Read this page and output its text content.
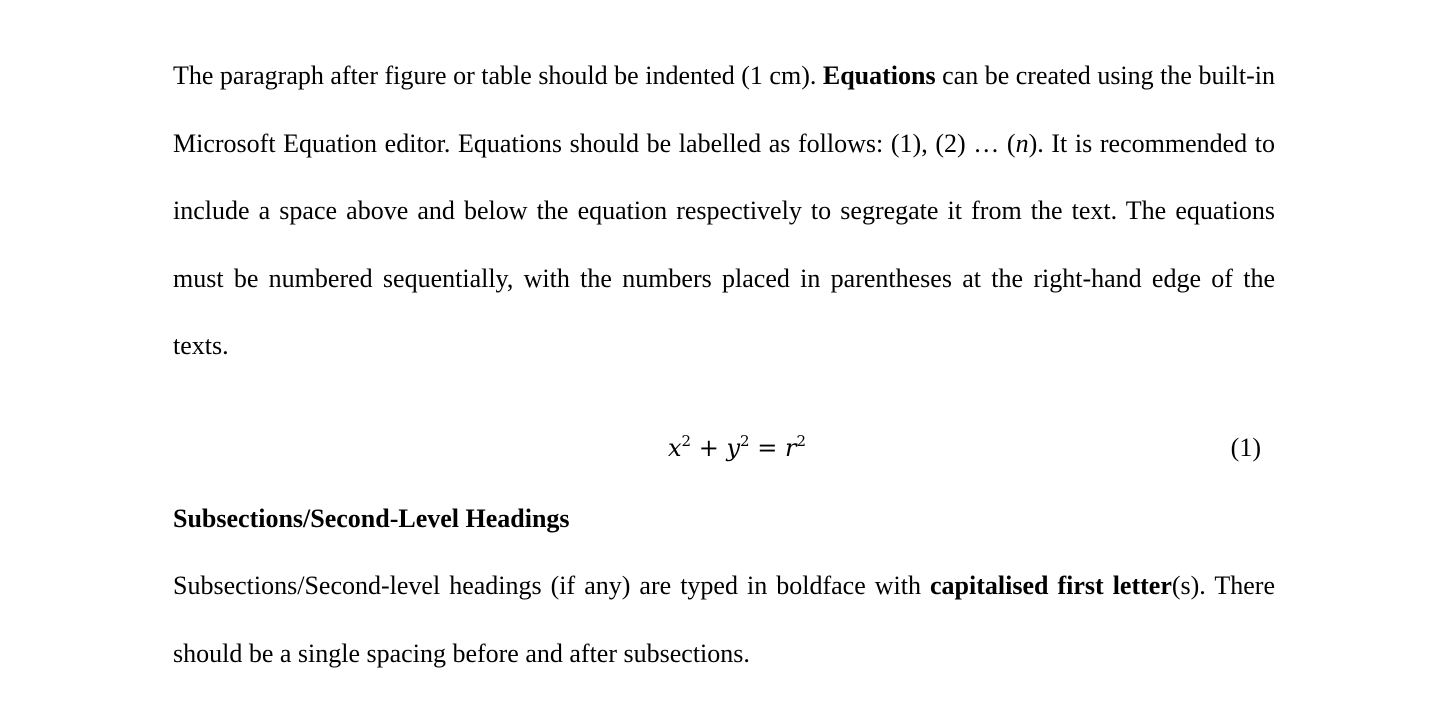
The paragraph after figure or table should be indented (1 cm). Equations can be created using the built-in Microsoft Equation editor. Equations should be labelled as follows: (1), (2) … (n). It is recommended to include a space above and below the equation respectively to segregate it from the text. The equations must be numbered sequentially, with the numbers placed in parentheses at the right-hand edge of the texts.

$x^2 + y^2 = r^2$	(1)
Subsections/Second-Level Headings

Subsections/Second-level headings (if any) are typed in boldface with capitalised first letter(s). There should be a single spacing before and after subsections.
